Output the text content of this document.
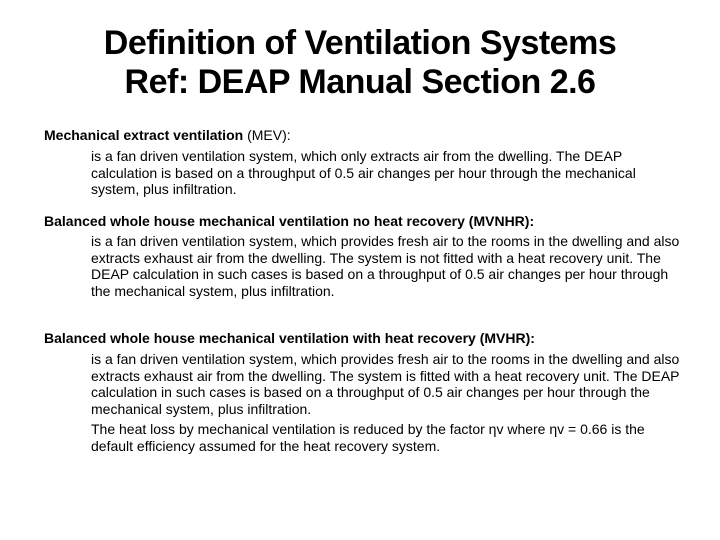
Definition of Ventilation Systems
Ref: DEAP Manual Section 2.6
Mechanical extract ventilation (MEV):
is a fan driven ventilation system, which only extracts air from the dwelling. The DEAP calculation is based on a throughput of 0.5 air changes per hour through the mechanical system, plus infiltration.
Balanced whole house mechanical ventilation no heat recovery (MVNHR):
is a fan driven ventilation system, which provides fresh air to the rooms in the dwelling and also extracts exhaust air from the dwelling. The system is not fitted with a heat recovery unit. The DEAP calculation in such cases is based on a throughput of 0.5 air changes per hour through the mechanical system, plus infiltration.
Balanced whole house mechanical ventilation with heat recovery (MVHR):
is a fan driven ventilation system, which provides fresh air to the rooms in the dwelling and also extracts exhaust air from the dwelling. The system is fitted with a heat recovery unit. The DEAP calculation in such cases is based on a throughput of 0.5 air changes per hour through the mechanical system, plus infiltration.
The heat loss by mechanical ventilation is reduced by the factor ηv where ηv = 0.66 is the default efficiency assumed for the heat recovery system.
